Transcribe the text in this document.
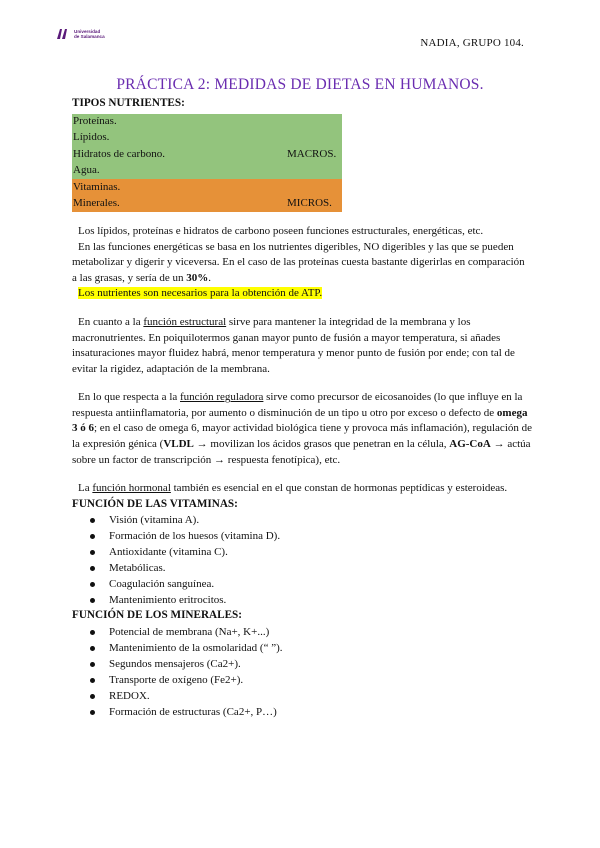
Universidad
de Salamanca
NADIA, GRUPO 104.
PRÁCTICA 2: MEDIDAS DE DIETAS EN HUMANOS.
TIPOS NUTRIENTES:
Proteínas.
Lípidos.
Hidratos de carbono.	MACROS.
Agua.
Vitaminas.
Minerales.	MICROS.
Los lípidos, proteínas e hidratos de carbono poseen funciones estructurales, energéticas, etc.
En las funciones energéticas se basa en los nutrientes digeribles, NO digeribles y las que se pueden metabolizar y digerir y viceversa. En el caso de las proteínas cuesta bastante digerirlas en comparación a las grasas, y sería de un 30%.
Los nutrientes son necesarios para la obtención de ATP.
En cuanto a la función estructural sirve para mantener la integridad de la membrana y los macronutrientes. En poiquilotermos ganan mayor punto de fusión a mayor temperatura, si añades insaturaciones mayor fluidez habrá, menor temperatura y menor punto de fusión por ende; con tal de evitar la rigidez, adaptación de la membrana.
En lo que respecta a la función reguladora sirve como precursor de eicosanoides (lo que influye en la respuesta antiinflamatoria, por aumento o disminución de un tipo u otro por exceso o defecto de omega 3 ó 6; en el caso de omega 6, mayor actividad biológica tiene y provoca más inflamación), regulación de la expresión génica (VLDL → movilizan los ácidos grasos que penetran en la célula, AG-CoA → actúa sobre un factor de transcripción → respuesta fenotípica), etc.
La función hormonal también es esencial en el que constan de hormonas peptídicas y esteroideas.
FUNCIÓN DE LAS VITAMINAS:
Visión (vitamina A).
Formación de los huesos (vitamina D).
Antioxidante (vitamina C).
Metabólicas.
Coagulación sanguínea.
Mantenimiento eritrocitos.
FUNCIÓN DE LOS MINERALES:
Potencial de membrana (Na+, K+...)
Mantenimiento de la osmolaridad (“ ”).
Segundos mensajeros (Ca2+).
Transporte de oxígeno (Fe2+).
REDOX.
Formación de estructuras (Ca2+, P…)
